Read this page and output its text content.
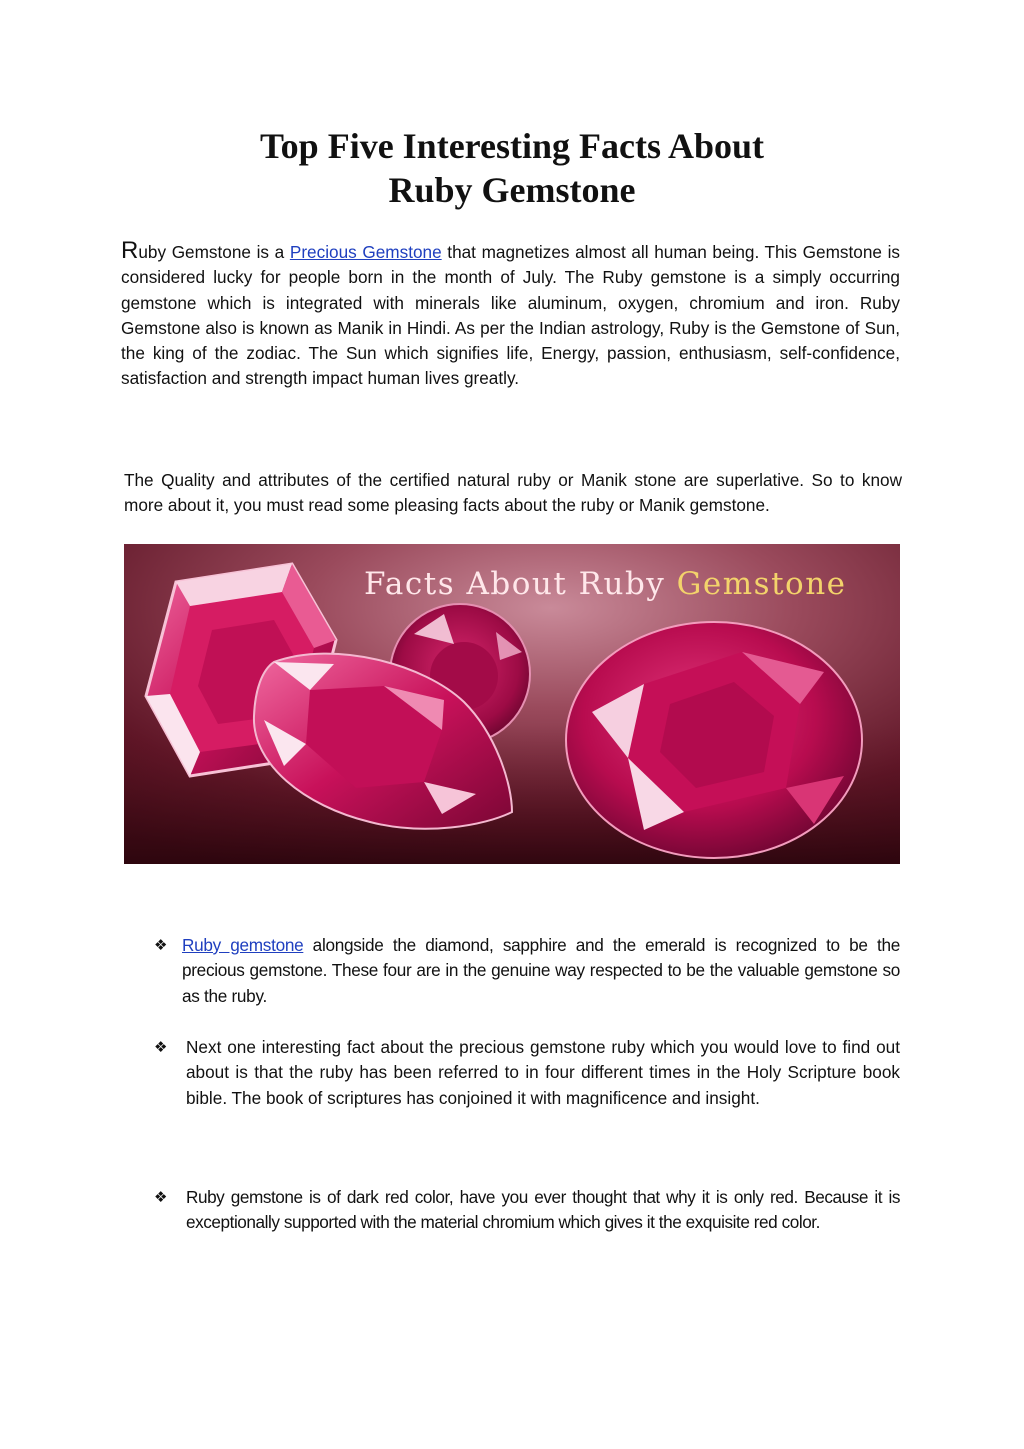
Top Five Interesting Facts About
Ruby Gemstone

Ruby Gemstone is a Precious Gemstone that magnetizes almost all human being. This Gemstone is considered lucky for people born in the month of July. The Ruby gemstone is a simply occurring gemstone which is integrated with minerals like aluminum, oxygen, chromium and iron. Ruby Gemstone also is known as Manik in Hindi. As per the Indian astrology, Ruby is the Gemstone of Sun, the king of the zodiac. The Sun which signifies life, Energy, passion, enthusiasm, self-confidence, satisfaction and strength impact human lives greatly.

The Quality and attributes of the certified natural ruby or Manik stone are superlative. So to know more about it, you must read some pleasing facts about the ruby or Manik gemstone.

Facts About Ruby Gemstone
❖ Ruby gemstone alongside the diamond, sapphire and the emerald is recognized to be the precious gemstone. These four are in the genuine way respected to be the valuable gemstone so as the ruby.

❖ Next one interesting fact about the precious gemstone ruby which you would love to find out about is that the ruby has been referred to in four different times in the Holy Scripture book bible. The book of scriptures has conjoined it with magnificence and insight.

❖ Ruby gemstone is of dark red color, have you ever thought that why it is only red. Because it is exceptionally supported with the material chromium which gives it the exquisite red color.
